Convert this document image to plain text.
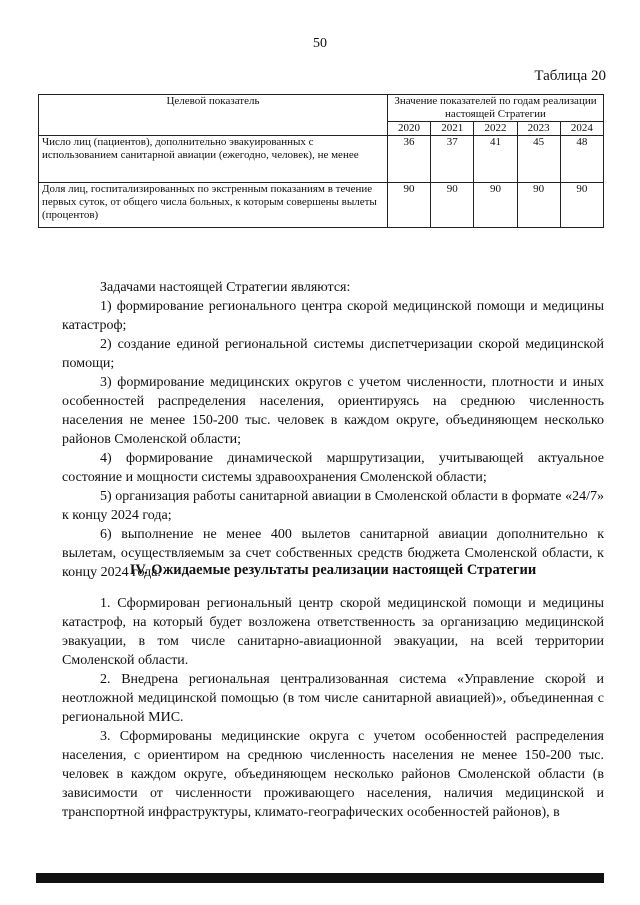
50
Таблица 20
Целевой показатель	Значение показателей по годам реализации настоящей Стратегии				
	2020	2021	2022	2023	2024
Число лиц (пациентов), дополнительно эвакуированных с использованием санитарной авиации (ежегодно, человек), не менее	36	37	41	45	48
Доля лиц, госпитализированных по экстренным показаниям в течение первых суток, от общего числа больных, к которым совершены вылеты (процентов)	90	90	90	90	90

Задачами настоящей Стратегии являются:

1) формирование регионального центра скорой медицинской помощи и медицины катастроф;

2) создание единой региональной системы диспетчеризации скорой медицинской помощи;

3) формирование медицинских округов с учетом численности, плотности и иных особенностей распределения населения, ориентируясь на среднюю численность населения не менее 150-200 тыс. человек в каждом округе, объединяющем несколько районов Смоленской области;

4) формирование динамической маршрутизации, учитывающей актуальное состояние и мощности системы здравоохранения Смоленской области;

5) организация работы санитарной авиации в Смоленской области в формате «24/7» к концу 2024 года;

6) выполнение не менее 400 вылетов санитарной авиации дополнительно к вылетам, осуществляемым за счет собственных средств бюджета Смоленской области, к концу 2024 года.

IV. Ожидаемые результаты реализации настоящей Стратегии

1. Сформирован региональный центр скорой медицинской помощи и медицины катастроф, на который будет возложена ответственность за организацию медицинской эвакуации, в том числе санитарно-авиационной эвакуации, на всей территории Смоленской области.

2. Внедрена региональная централизованная система «Управление скорой и неотложной медицинской помощью (в том числе санитарной авиацией)», объединенная с региональной МИС.

3. Сформированы медицинские округа с учетом особенностей распределения населения, с ориентиром на среднюю численность населения не менее 150-200 тыс. человек в каждом округе, объединяющем несколько районов Смоленской области (в зависимости от численности проживающего населения, наличия медицинской и транспортной инфраструктуры, климато-географических особенностей районов), в
